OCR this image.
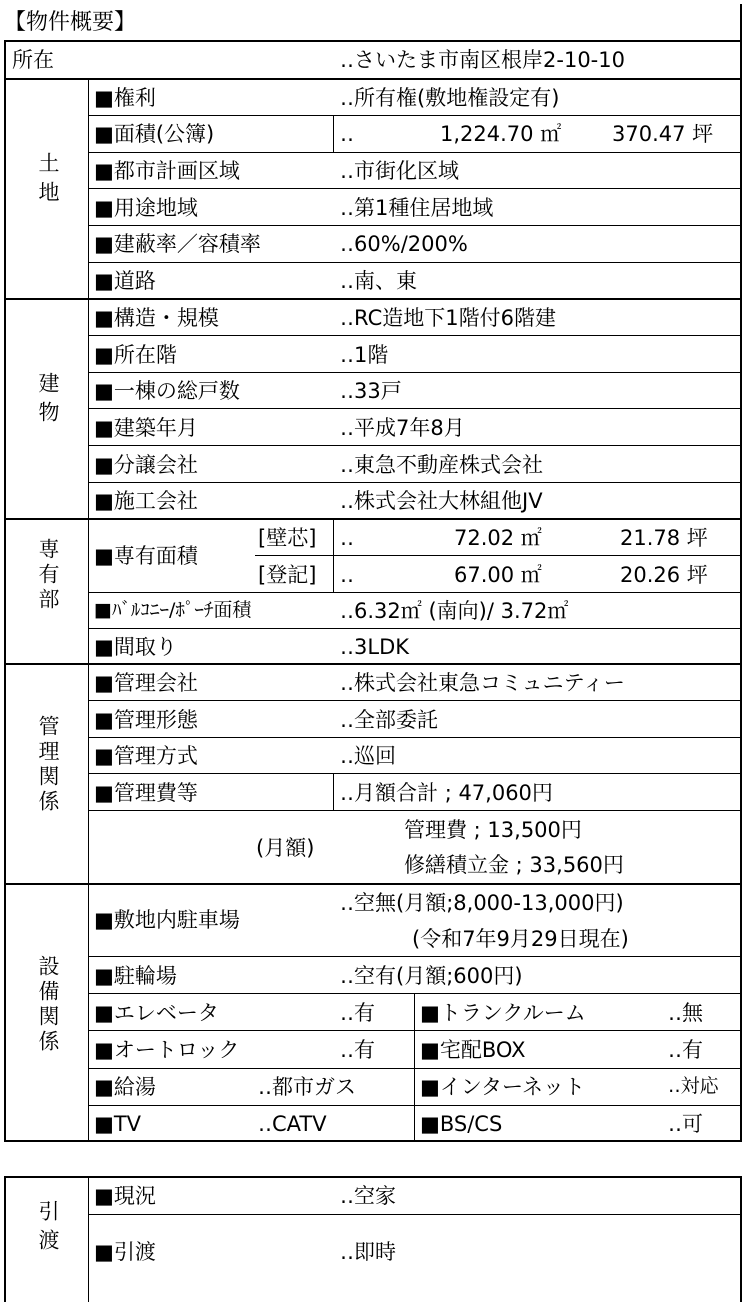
【物件概要】
所在	‥さいたま市南区根岸2-10-10
土地
■権利	‥所有権(敷地権設定有)
■面積(公簿)	‥	1,224.70 ㎡ 370.47 坪
■都市計画区域	‥市街化区域
■用途地域	‥第1種住居地域
■建蔽率／容積率	‥60%/200%
■道路	‥南、東
建物
■構造・規模	‥RC造地下1階付6階建
■所在階	‥1階
■一棟の総戸数	‥33戸
■建築年月	‥平成7年8月
■分譲会社	‥東急不動産株式会社
■施工会社	‥株式会社大林組他JV
専有部	■専有面積
[壁芯] ‥	72.02 ㎡	21.78 坪
[登記] ‥	67.00 ㎡	20.26 坪
■ﾊﾞﾙｺﾆｰ/ﾎﾟｰﾁ面積	‥6.32㎡ (南向)/ 3.72㎡
■間取り	‥3LDK
管理関係
■管理会社	‥株式会社東急コミュニティー
■管理形態	‥全部委託
■管理方式	‥巡回
■管理費等	‥月額合計 ; 47,060円
(月額)
管理費 ; 13,500円
修繕積立金 ; 33,560円
設備関係
■敷地内駐車場
‥空無(月額;8,000-13,000円)
(令和7年9月29日現在)
■駐輪場	‥空有(月額;600円)
■エレベータ	‥有 ■トランクルーム	‥無
■オートロック	‥有 ■宅配BOX	‥有
■給湯	‥都市ガス	■インターネット	‥対応
■TV	‥CATV	■BS/CS	‥可
引渡
■現況	‥空家
■引渡	‥即時
